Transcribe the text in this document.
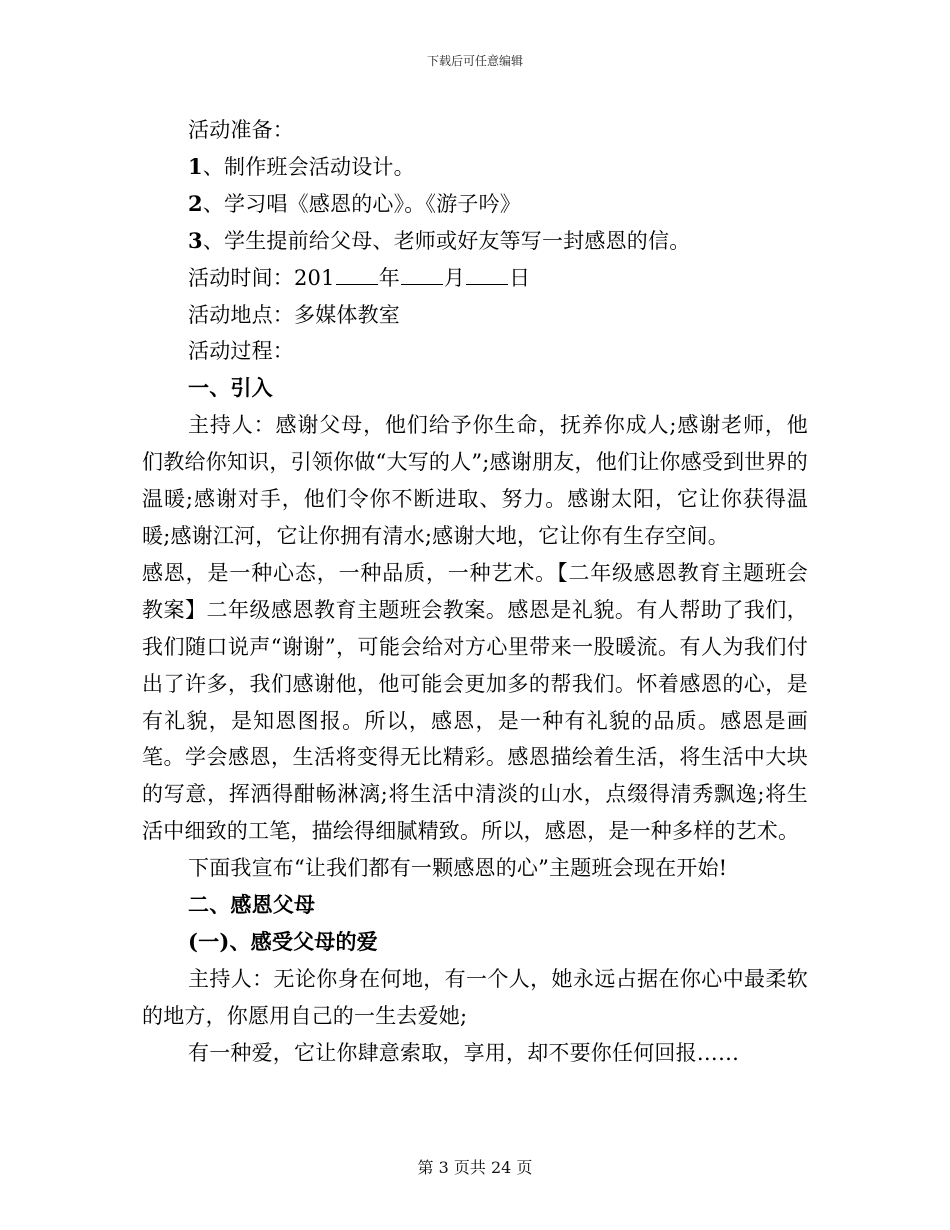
下载后可任意编辑
活动准备：
1、制作班会活动设计。
2、学习唱《感恩的心》。《游子吟》
3、学生提前给父母、老师或好友等写一封感恩的信。
活动时间：201 年 月 日
活动地点：多媒体教室
活动过程：
一、引入
主持人：感谢父母，他们给予你生命，抚养你成人;感谢老师，他们教给你知识，引领你做“大写的人”;感谢朋友，他们让你感受到世界的温暖;感谢对手，他们令你不断进取、努力。感谢太阳，它让你获得温暖;感谢江河，它让你拥有清水;感谢大地，它让你有生存空间。
感恩，是一种心态，一种品质，一种艺术。【二年级感恩教育主题班会教案】二年级感恩教育主题班会教案。感恩是礼貌。有人帮助了我们，我们随口说声“谢谢”，可能会给对方心里带来一股暖流。有人为我们付出了许多，我们感谢他，他可能会更加多的帮我们。怀着感恩的心，是有礼貌，是知恩图报。所以，感恩，是一种有礼貌的品质。感恩是画笔。学会感恩，生活将变得无比精彩。感恩描绘着生活，将生活中大块的写意，挥洒得酣畅淋漓;将生活中清淡的山水，点缀得清秀飘逸;将生活中细致的工笔，描绘得细腻精致。所以，感恩，是一种多样的艺术。
下面我宣布“让我们都有一颗感恩的心”主题班会现在开始!
二、感恩父母
(一)、感受父母的爱
主持人：无论你身在何地，有一个人，她永远占据在你心中最柔软的地方，你愿用自己的一生去爱她;
有一种爱，它让你肆意索取，享用，却不要你任何回报……
第 3 页共 24 页
